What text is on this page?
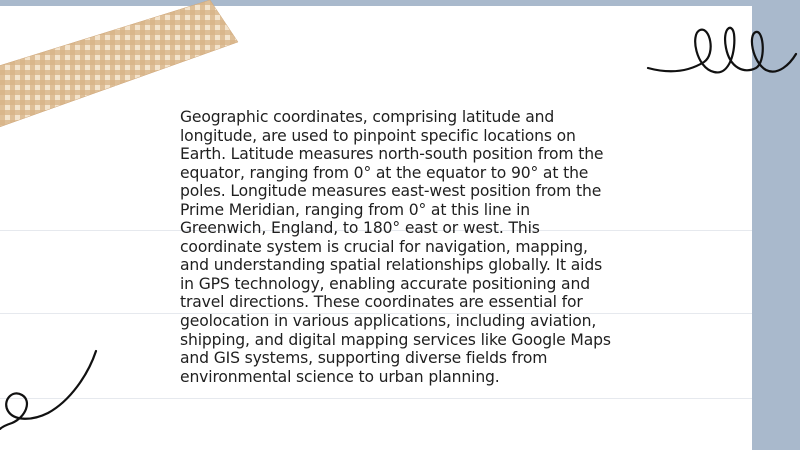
Geographic coordinates, comprising latitude and longitude, are used to pinpoint specific locations on Earth. Latitude measures north-south position from the equator, ranging from 0° at the equator to 90° at the poles. Longitude measures east-west position from the Prime Meridian, ranging from 0° at this line in Greenwich, England, to 180° east or west. This coordinate system is crucial for navigation, mapping, and understanding spatial relationships globally. It aids in GPS technology, enabling accurate positioning and travel directions. These coordinates are essential for geolocation in various applications, including aviation, shipping, and digital mapping services like Google Maps and GIS systems, supporting diverse fields from environmental science to urban planning.
